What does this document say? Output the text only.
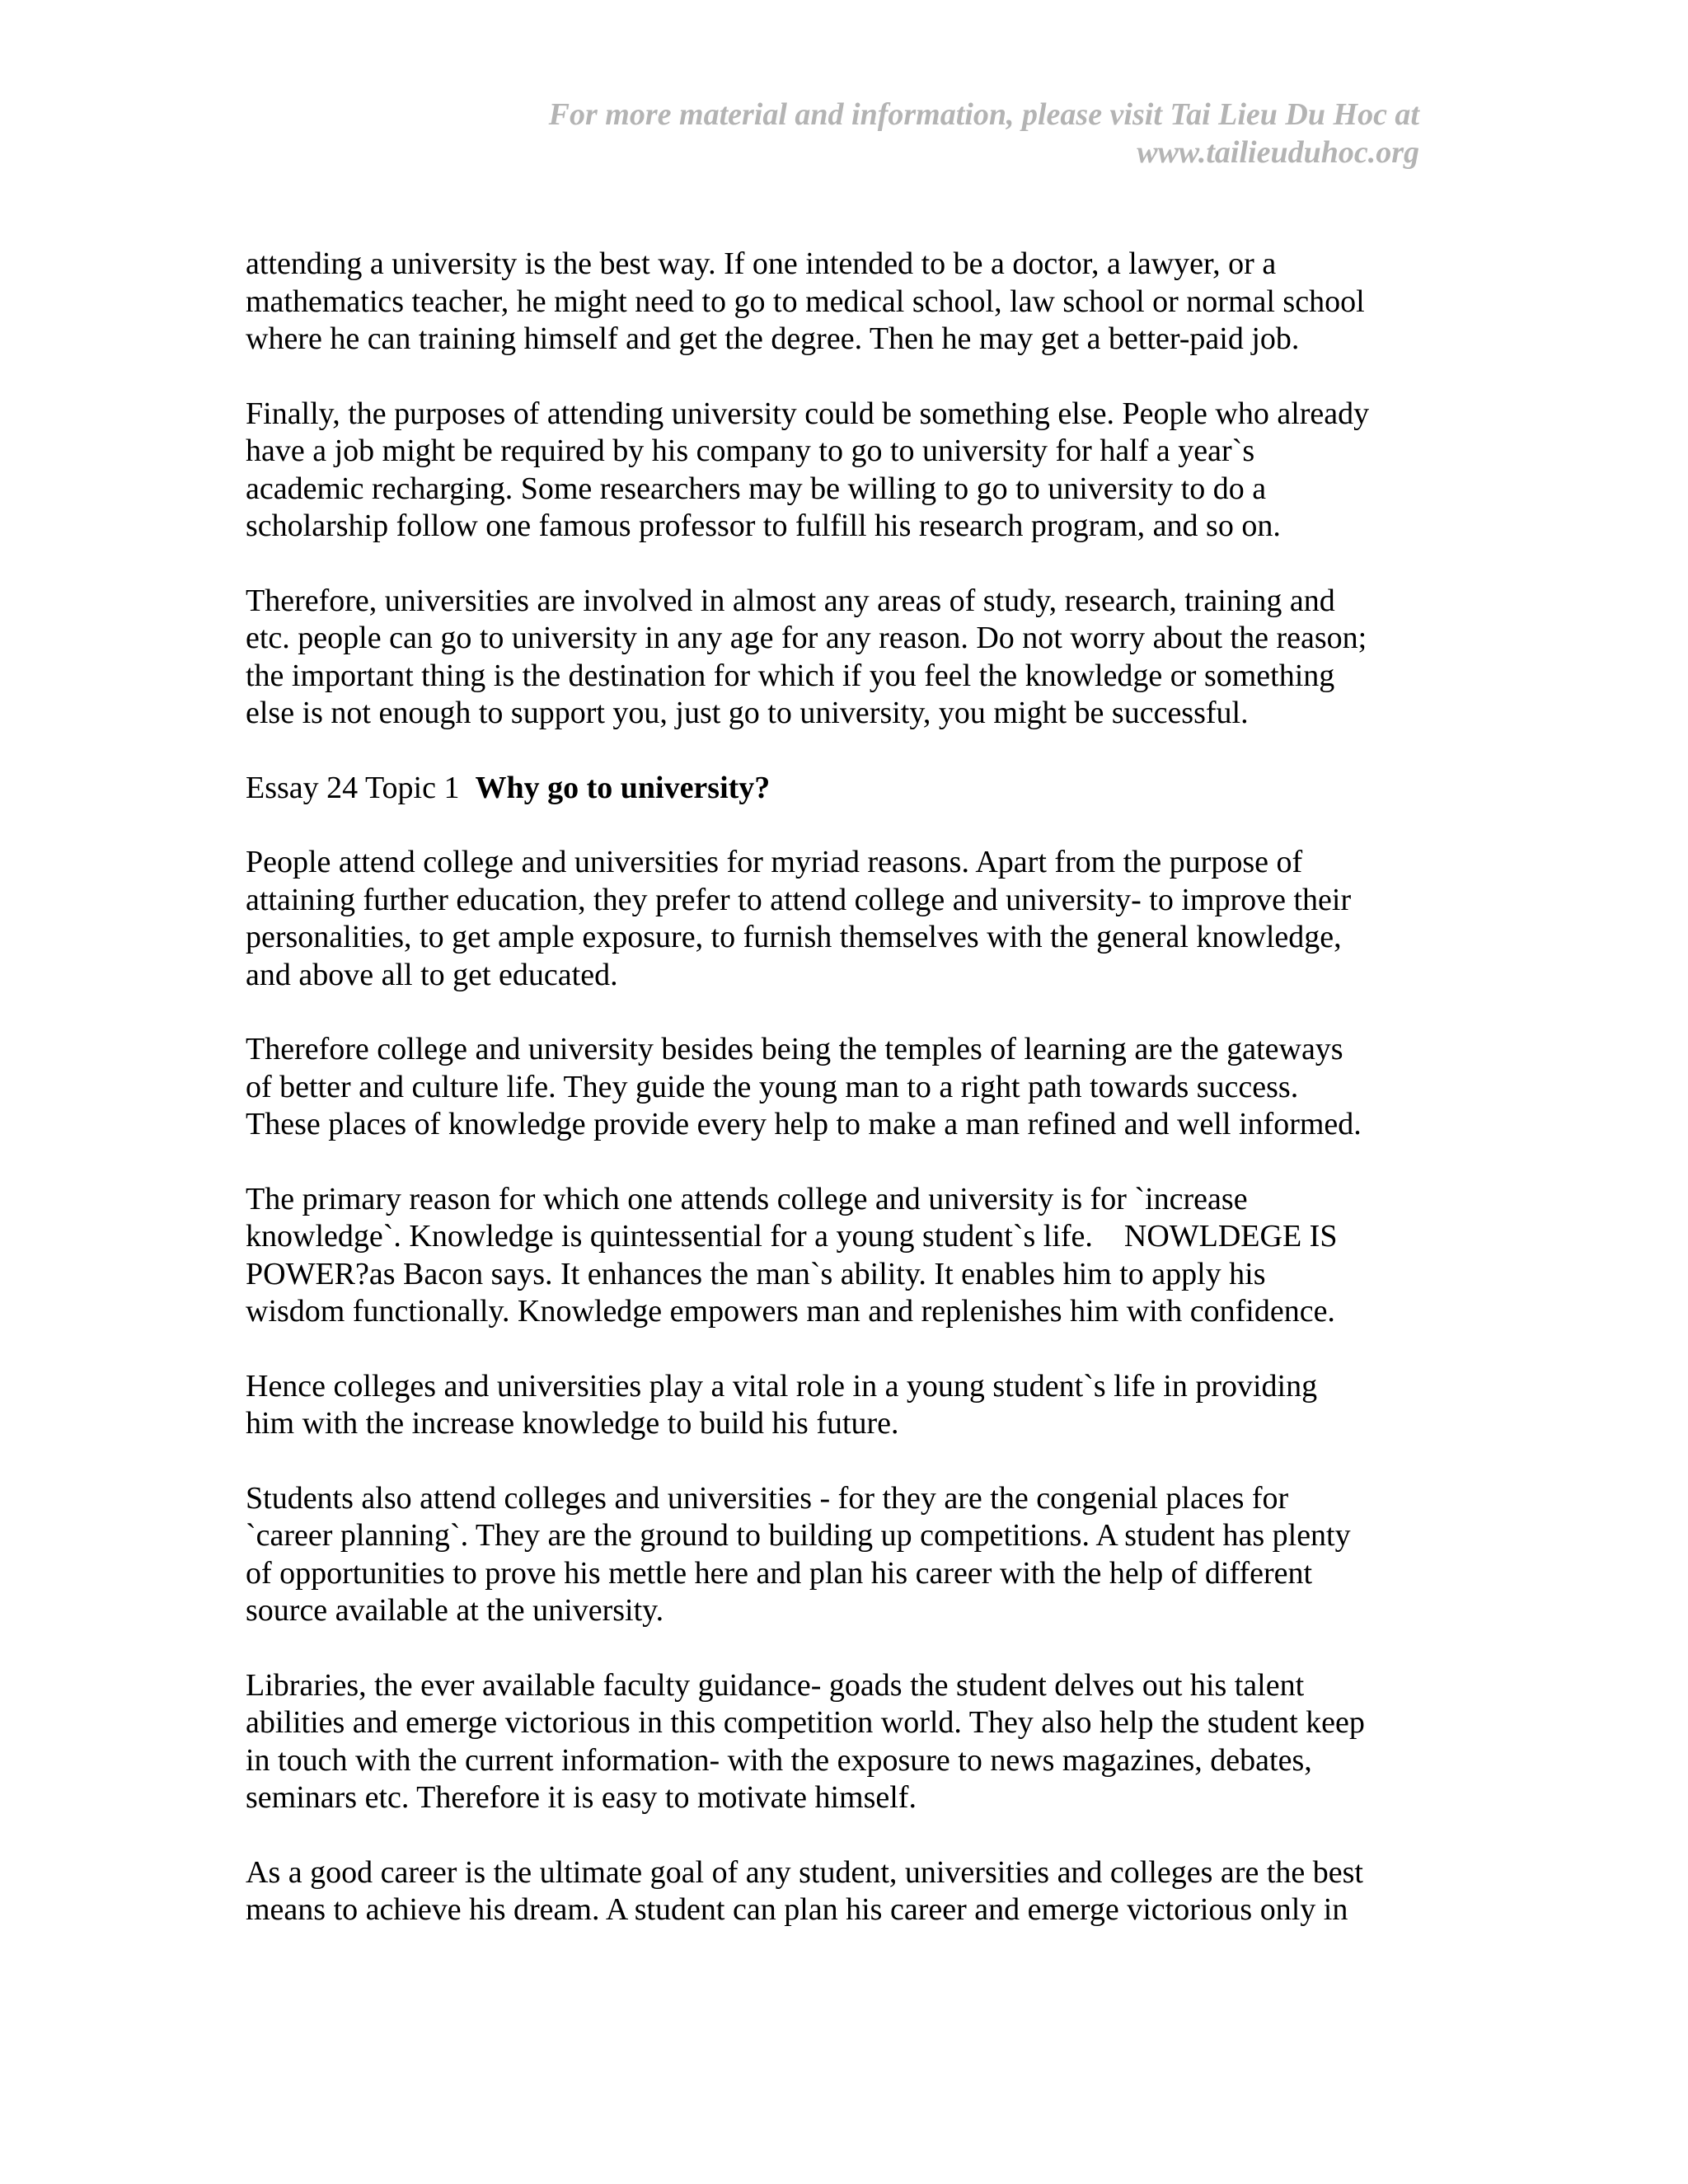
For more material and information, please visit Tai Lieu Du Hoc at
www.tailieuduhoc.org
attending a university is the best way. If one intended to be a doctor, a lawyer, or a
mathematics teacher, he might need to go to medical school, law school or normal school
where he can training himself and get the degree. Then he may get a better-paid job.
Finally, the purposes of attending university could be something else. People who already
have a job might be required by his company to go to university for half a year`s
academic recharging. Some researchers may be willing to go to university to do a
scholarship follow one famous professor to fulfill his research program, and so on.
Therefore, universities are involved in almost any areas of study, research, training and
etc. people can go to university in any age for any reason. Do not worry about the reason;
the important thing is the destination for which if you feel the knowledge or something
else is not enough to support you, just go to university, you might be successful.
Essay 24 Topic 1  Why go to university?
People attend college and universities for myriad reasons. Apart from the purpose of
attaining further education, they prefer to attend college and university- to improve their
personalities, to get ample exposure, to furnish themselves with the general knowledge,
and above all to get educated.
Therefore college and university besides being the temples of learning are the gateways
of better and culture life. They guide the young man to a right path towards success.
These places of knowledge provide every help to make a man refined and well informed.
The primary reason for which one attends college and university is for `increase
knowledge`. Knowledge is quintessential for a young student`s life.    NOWLDEGE IS
POWER?as Bacon says. It enhances the man`s ability. It enables him to apply his
wisdom functionally. Knowledge empowers man and replenishes him with confidence.
Hence colleges and universities play a vital role in a young student`s life in providing
him with the increase knowledge to build his future.
Students also attend colleges and universities - for they are the congenial places for
`career planning`. They are the ground to building up competitions. A student has plenty
of opportunities to prove his mettle here and plan his career with the help of different
source available at the university.
Libraries, the ever available faculty guidance- goads the student delves out his talent
abilities and emerge victorious in this competition world. They also help the student keep
in touch with the current information- with the exposure to news magazines, debates,
seminars etc. Therefore it is easy to motivate himself.
As a good career is the ultimate goal of any student, universities and colleges are the best
means to achieve his dream. A student can plan his career and emerge victorious only in
